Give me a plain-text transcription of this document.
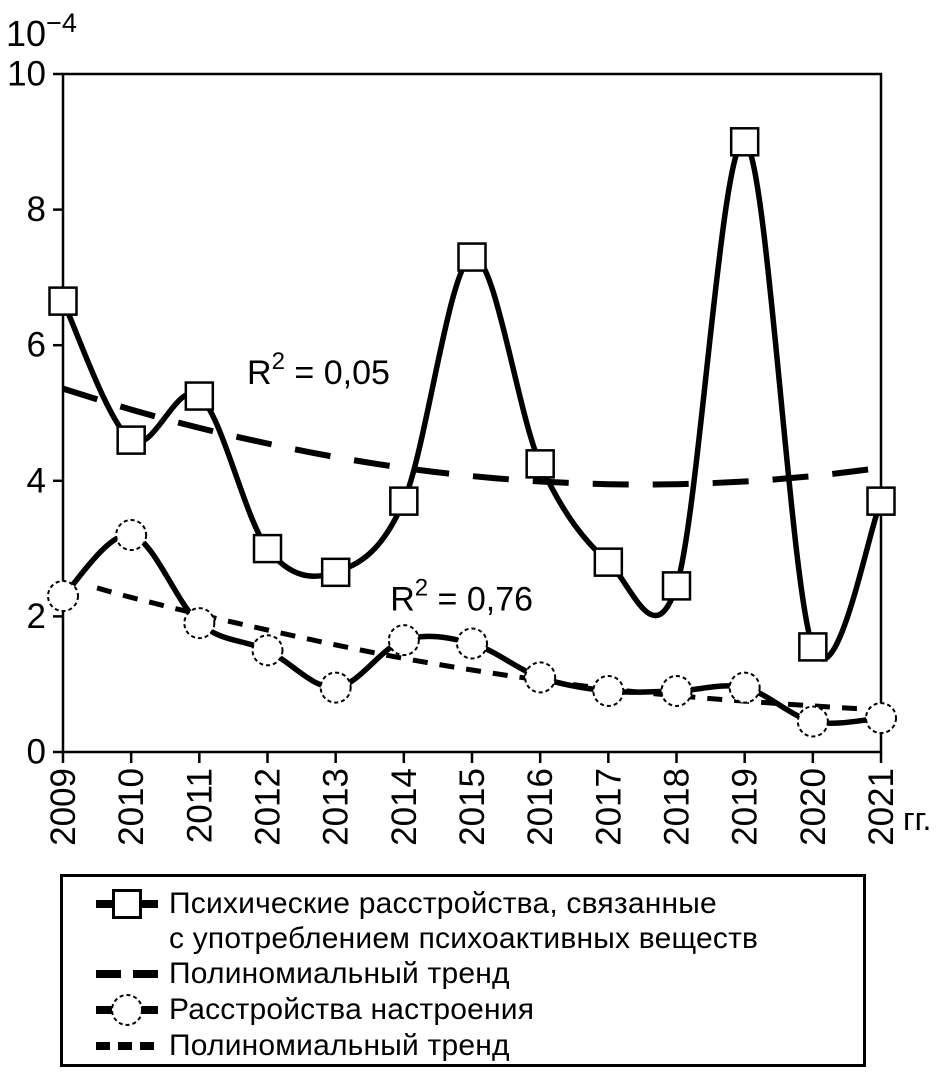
0
2
4
6
8
10
$10^{-4}$
2009 2010 2011 2012 2013 2014 2015 2016 2017 2018 2019 2020 2021 гг.
$R^2 = 0,05$
$R^2 = 0,76$
Психические расстройства, связанные
с употреблением психоактивных веществ
Полиномиальный тренд
Расстройства настроения
Полиномиальный тренд
